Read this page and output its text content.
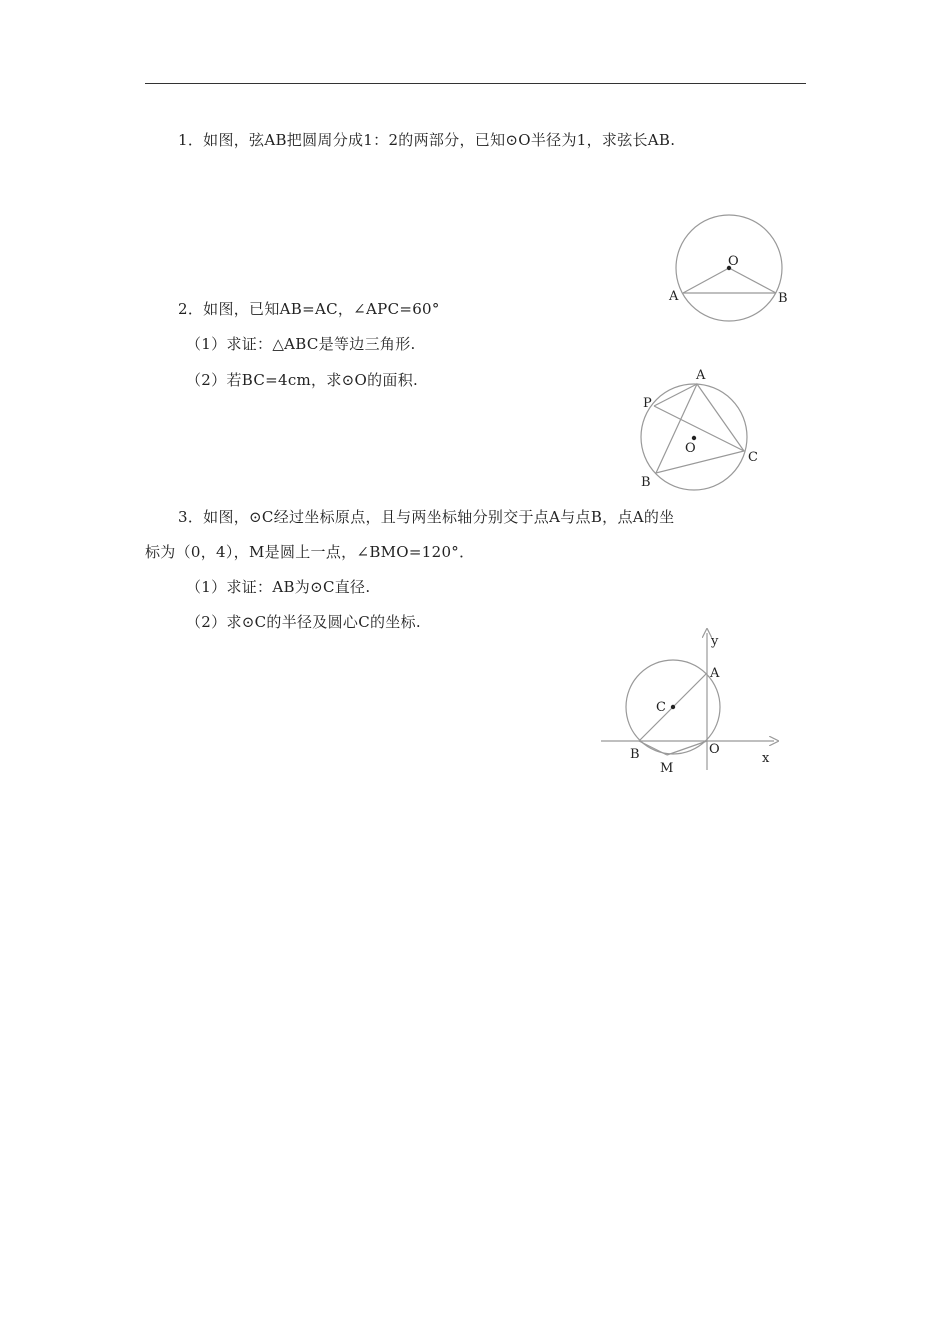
1．如图，弦AB把圆周分成1：2的两部分，已知⊙O半径为1，求弦长AB.
O
A	B
2．如图，已知AB=AC，∠APC=60°
（1）求证：△ABC是等边三角形.
（2）若BC=4cm，求⊙O的面积.	A
P
O
B
C
3．如图，⊙C经过坐标原点，且与两坐标轴分别交于点A与点B，点A的坐
标为（0，4），M是圆上一点，∠BMO=120°．
（1）求证：AB为⊙C直径.
（2）求⊙C的半径及圆心C的坐标.
y
A
C
B	O
x
M
